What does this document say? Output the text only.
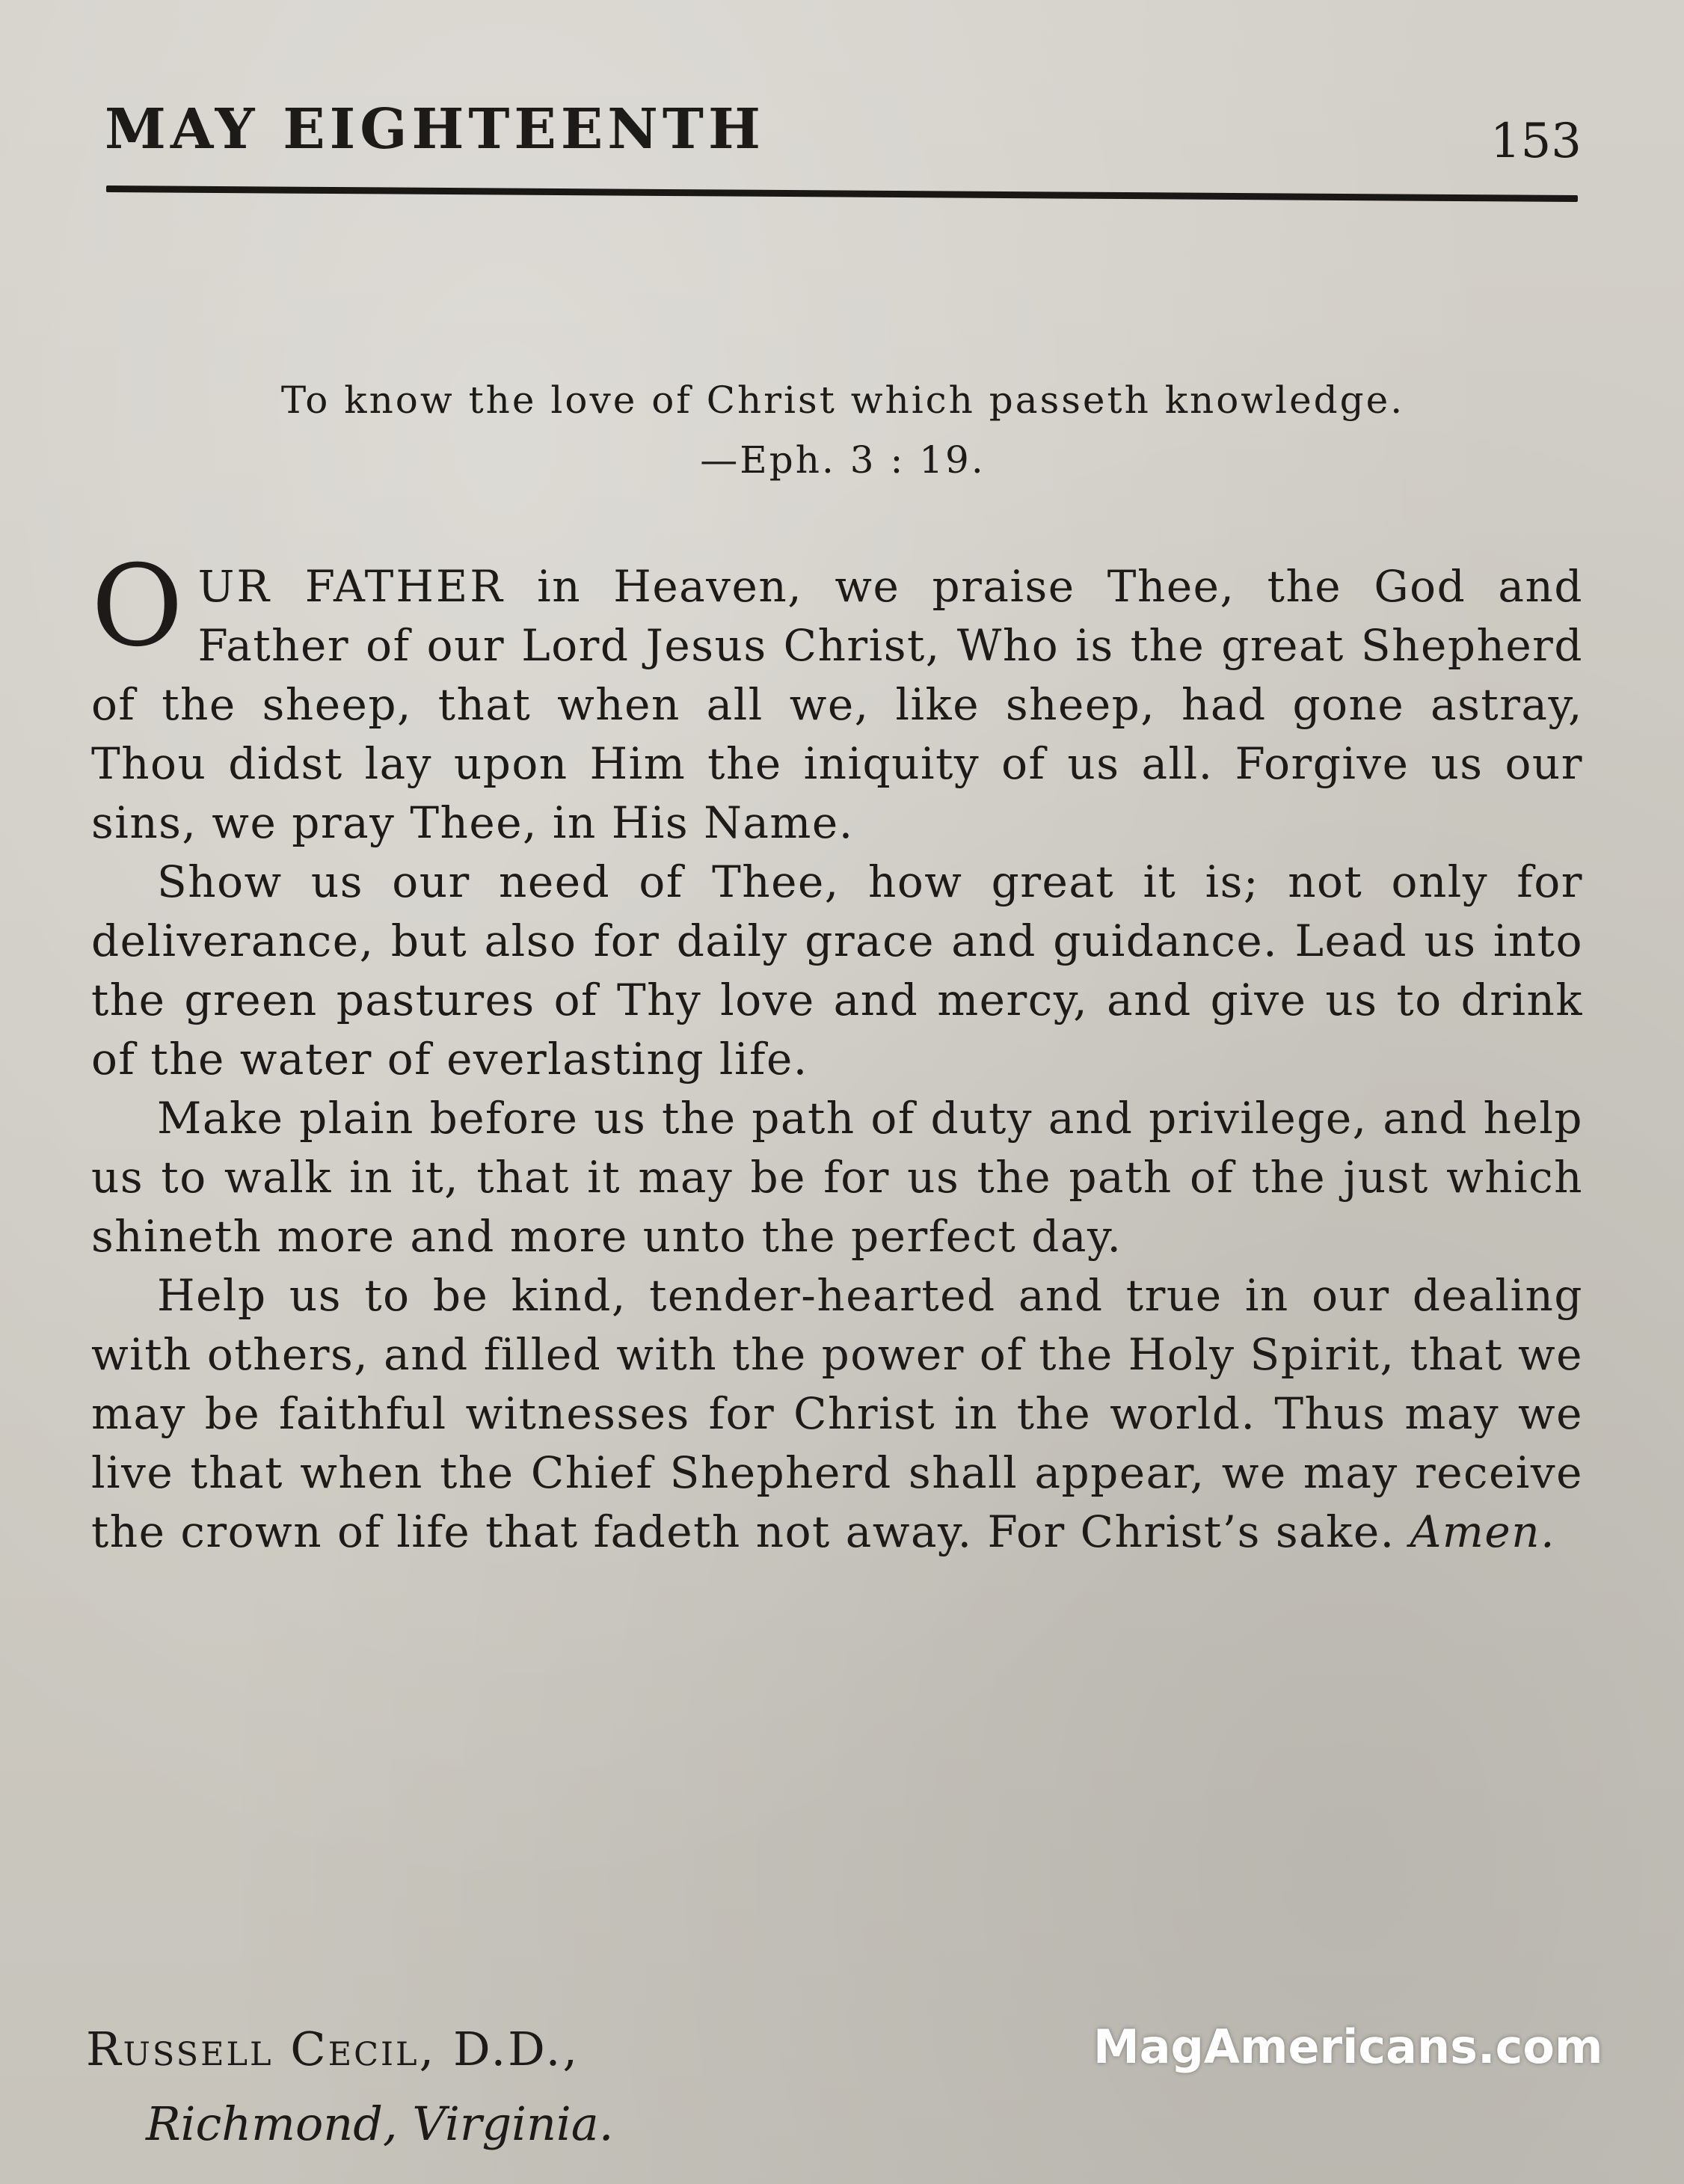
MAY EIGHTEENTH	153
To know the love of Christ which passeth knowledge.
—Eph. 3 : 19.

OUR FATHER in Heaven, we praise Thee, the God and Father of our Lord Jesus Christ, Who is the great Shepherd of the sheep, that when all we, like sheep, had gone astray, Thou didst lay upon Him the iniquity of us all. Forgive us our sins, we pray Thee, in His Name.

Show us our need of Thee, how great it is; not only for deliverance, but also for daily grace and guidance. Lead us into the green pastures of Thy love and mercy, and give us to drink of the water of everlasting life.

Make plain before us the path of duty and privilege, and help us to walk in it, that it may be for us the path of the just which shineth more and more unto the perfect day.

Help us to be kind, tender-hearted and true in our dealing with others, and filled with the power of the Holy Spirit, that we may be faithful witnesses for Christ in the world. Thus may we live that when the Chief Shepherd shall appear, we may receive the crown of life that fadeth not away. For Christ’s sake. Amen.

Russell Cecil, D.D.,
Richmond, Virginia.
MagAmericans.com
